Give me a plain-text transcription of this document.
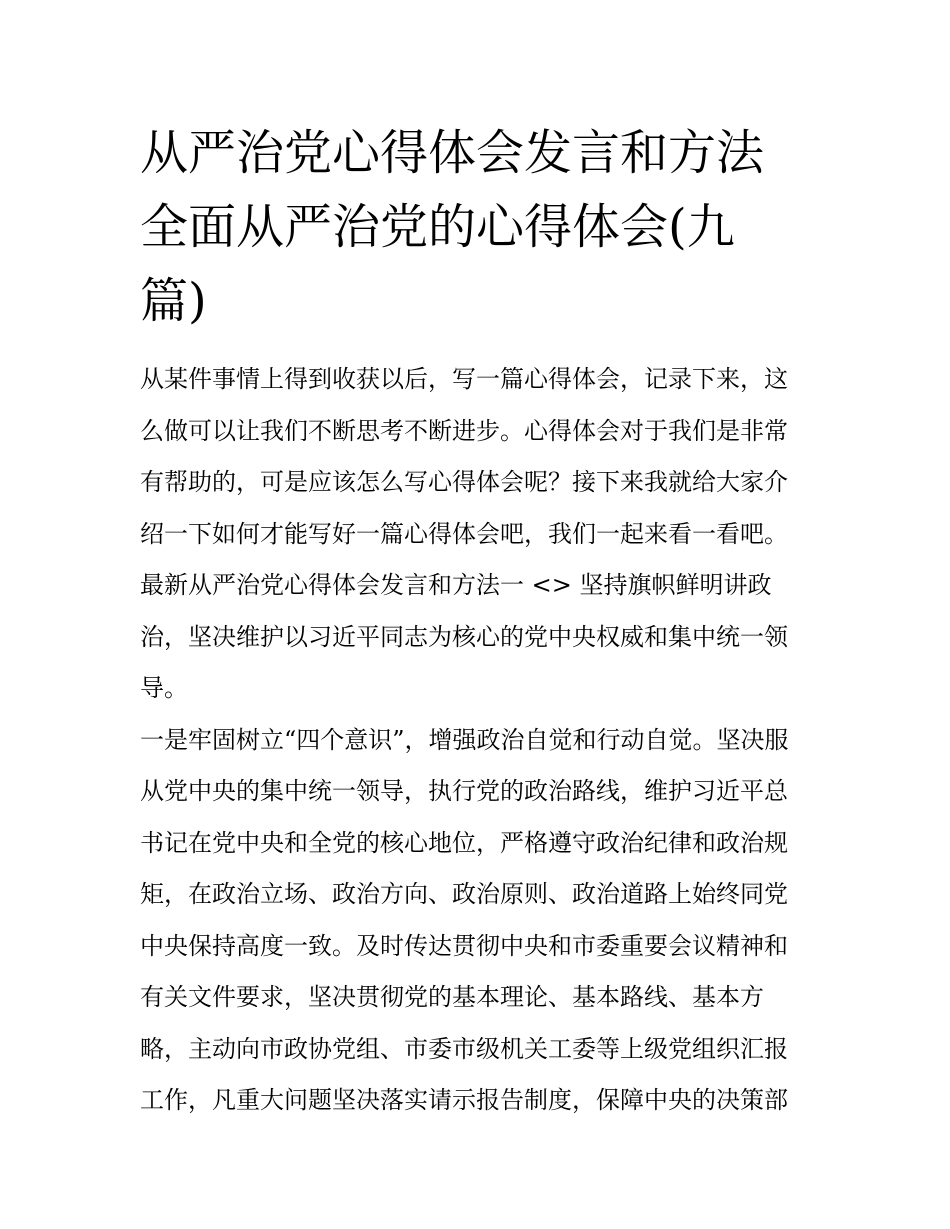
从严治党心得体会发言和方法
全面从严治党的心得体会(九
篇)
从某件事情上得到收获以后，写一篇心得体会，记录下来，这
么做可以让我们不断思考不断进步。心得体会对于我们是非常
有帮助的，可是应该怎么写心得体会呢？接下来我就给大家介
绍一下如何才能写好一篇心得体会吧，我们一起来看一看吧。
最新从严治党心得体会发言和方法一 <> 坚持旗帜鲜明讲政
治，坚决维护以习近平同志为核心的党中央权威和集中统一领
导。
一是牢固树立“四个意识”，增强政治自觉和行动自觉。坚决服
从党中央的集中统一领导，执行党的政治路线，维护习近平总
书记在党中央和全党的核心地位，严格遵守政治纪律和政治规
矩，在政治立场、政治方向、政治原则、政治道路上始终同党
中央保持高度一致。及时传达贯彻中央和市委重要会议精神和
有关文件要求，坚决贯彻党的基本理论、基本路线、基本方
略，主动向市政协党组、市委市级机关工委等上级党组织汇报
工作，凡重大问题坚决落实请示报告制度，保障中央的决策部
